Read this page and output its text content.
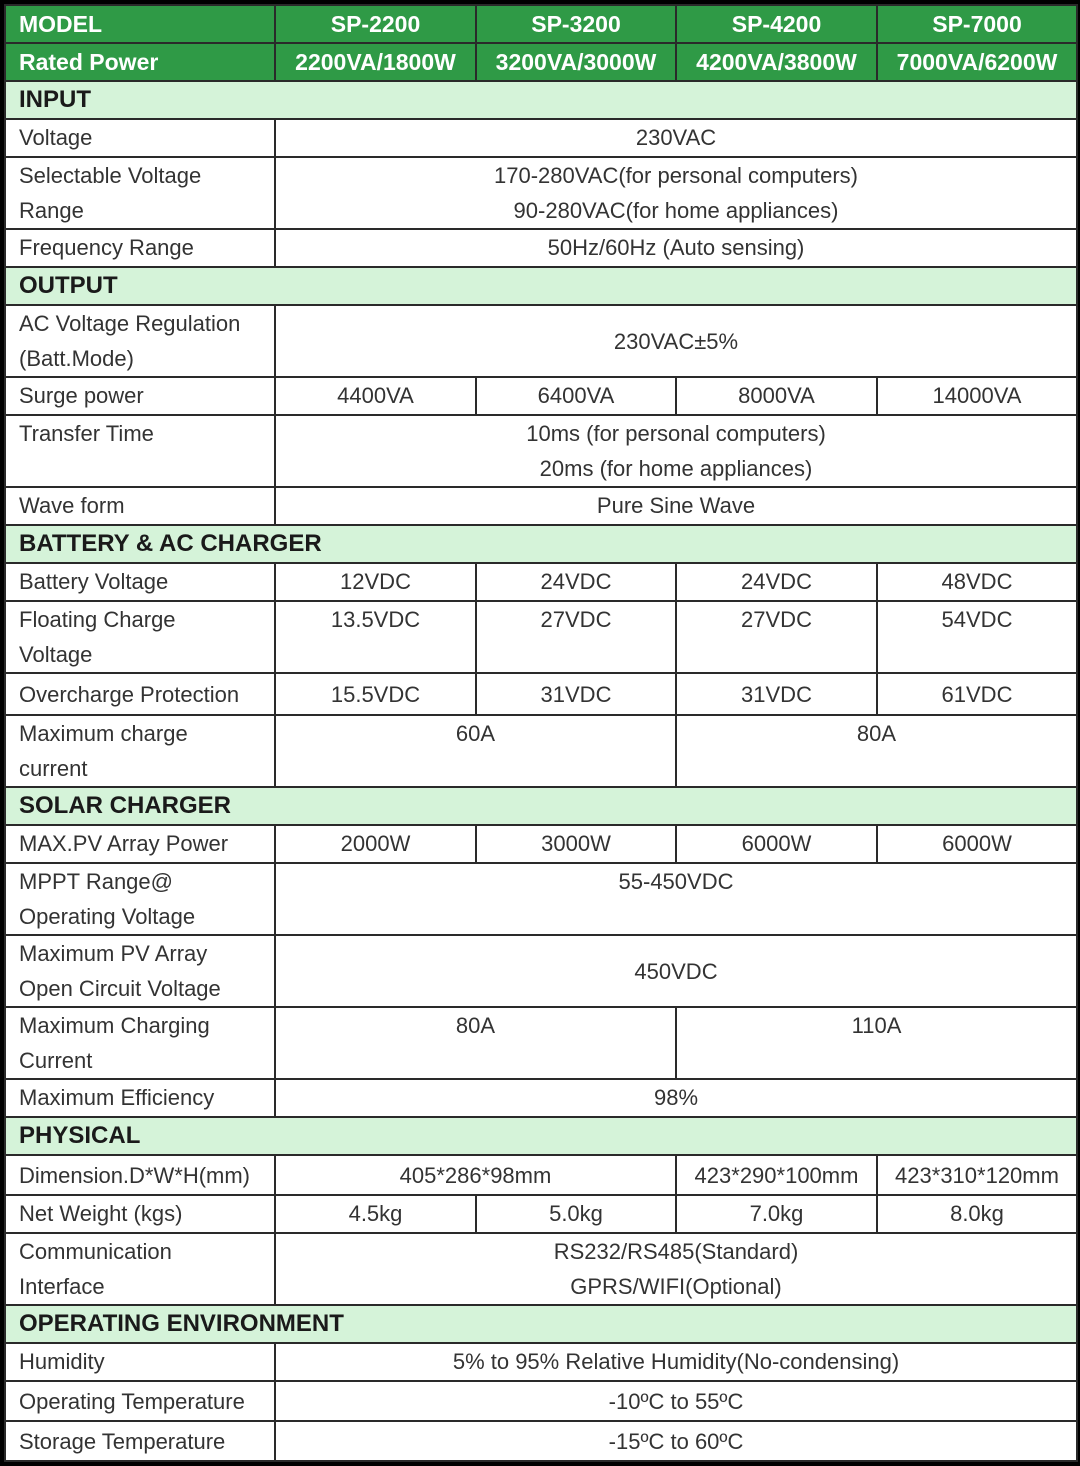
MODEL	SP-2200	SP-3200	SP-4200	SP-7000
Rated Power	2200VA/1800W	3200VA/3000W	4200VA/3800W	7000VA/6200W
INPUT				
Voltage	230VAC			

Selectable Voltage
Range	170-280VAC(for personal computers)
90-280VAC(for home appliances)			

Frequency Range	50Hz/60Hz (Auto sensing)			
OUTPUT				

AC Voltage Regulation
(Batt.Mode)	230VAC±5%			
Surge power	4400VA	6400VA	8000VA	14000VA
Transfer Time	10ms (for personal computers)
20ms (for home appliances)			

Wave form	Pure Sine Wave			
BATTERY & AC CHARGER				
Battery Voltage	12VDC	24VDC	24VDC	48VDC

Floating Charge
Voltage	13.5VDC	27VDC	27VDC	54VDC
Overcharge Protection	15.5VDC	31VDC	31VDC	61VDC

Maximum charge
current	60A		80A	
SOLAR CHARGER				
MAX.PV Array Power	2000W	3000W	6000W	6000W

MPPT Range@
Operating Voltage	55-450VDC			

Maximum PV Array
Open Circuit Voltage	450VDC			

Maximum Charging
Current	80A		110A	
Maximum Efficiency	98%			
PHYSICAL				
Dimension.D*W*H(mm)	405*286*98mm		423*290*100mm	423*310*120mm
Net Weight (kgs)	4.5kg	5.0kg	7.0kg	8.0kg

Communication
Interface	RS232/RS485(Standard)
GPRS/WIFI(Optional)			

OPERATING ENVIRONMENT				
Humidity	5% to 95% Relative Humidity(No-condensing)			
Operating Temperature	-10ºC to 55ºC			
Storage Temperature	-15ºC to 60ºC			
